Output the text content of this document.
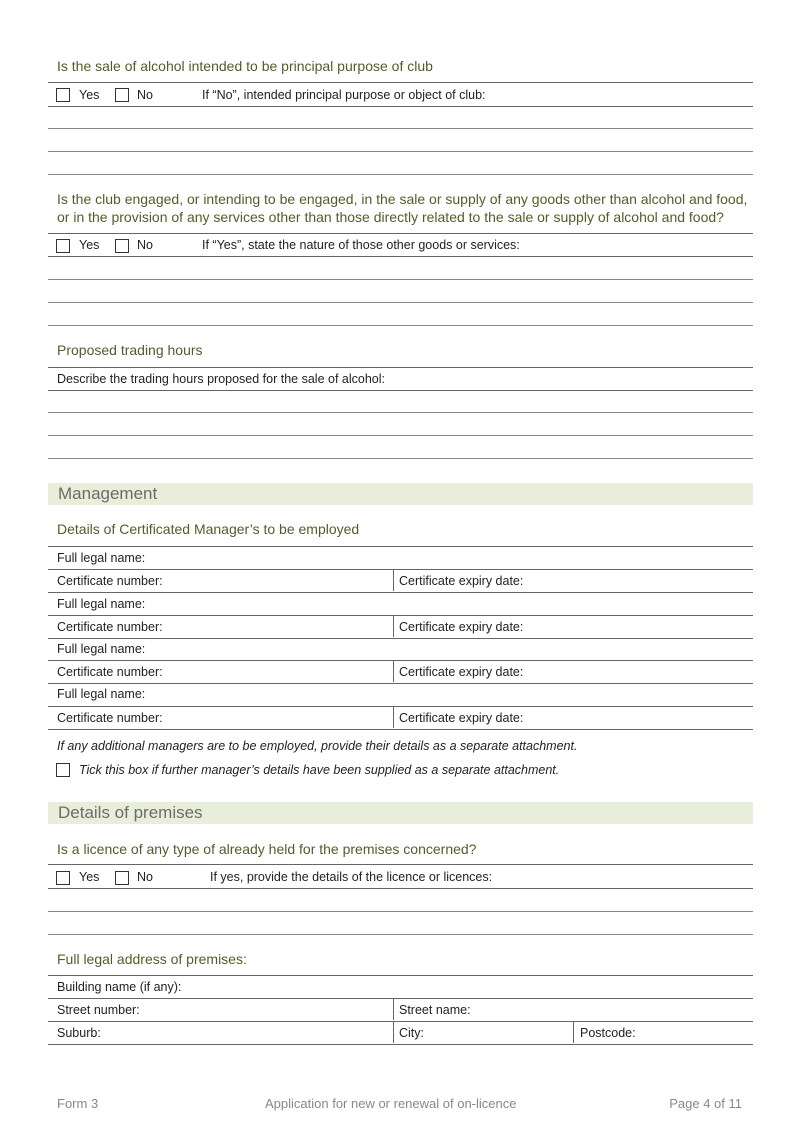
Is the sale of alcohol intended to be principal purpose of club
Yes	No	If “No”, intended principal purpose or object of club:
Is the club engaged, or intending to be engaged, in the sale or supply of any goods other than alcohol and food,
or in the provision of any services other than those directly related to the sale or supply of alcohol and food?
Yes	No	If “Yes”, state the nature of those other goods or services:
Proposed trading hours
Describe the trading hours proposed for the sale of alcohol:
Management
Details of Certificated Manager’s to be employed
Full legal name:
Certificate number:	Certificate expiry date:
Full legal name:
Certificate number:	Certificate expiry date:
Full legal name:
Certificate number:	Certificate expiry date:
Full legal name:
Certificate number:	Certificate expiry date:
If any additional managers are to be employed, provide their details as a separate attachment.
Tick this box if further manager’s details have been supplied as a separate attachment.
Details of premises
Is a licence of any type of already held for the premises concerned?
Yes	No	If yes, provide the details of the licence or licences:
Full legal address of premises:
Building name (if any):
Street number:	Street name:
Suburb:	City:	Postcode:
Form 3	Application for new or renewal of on-licence	Page 4 of 11
